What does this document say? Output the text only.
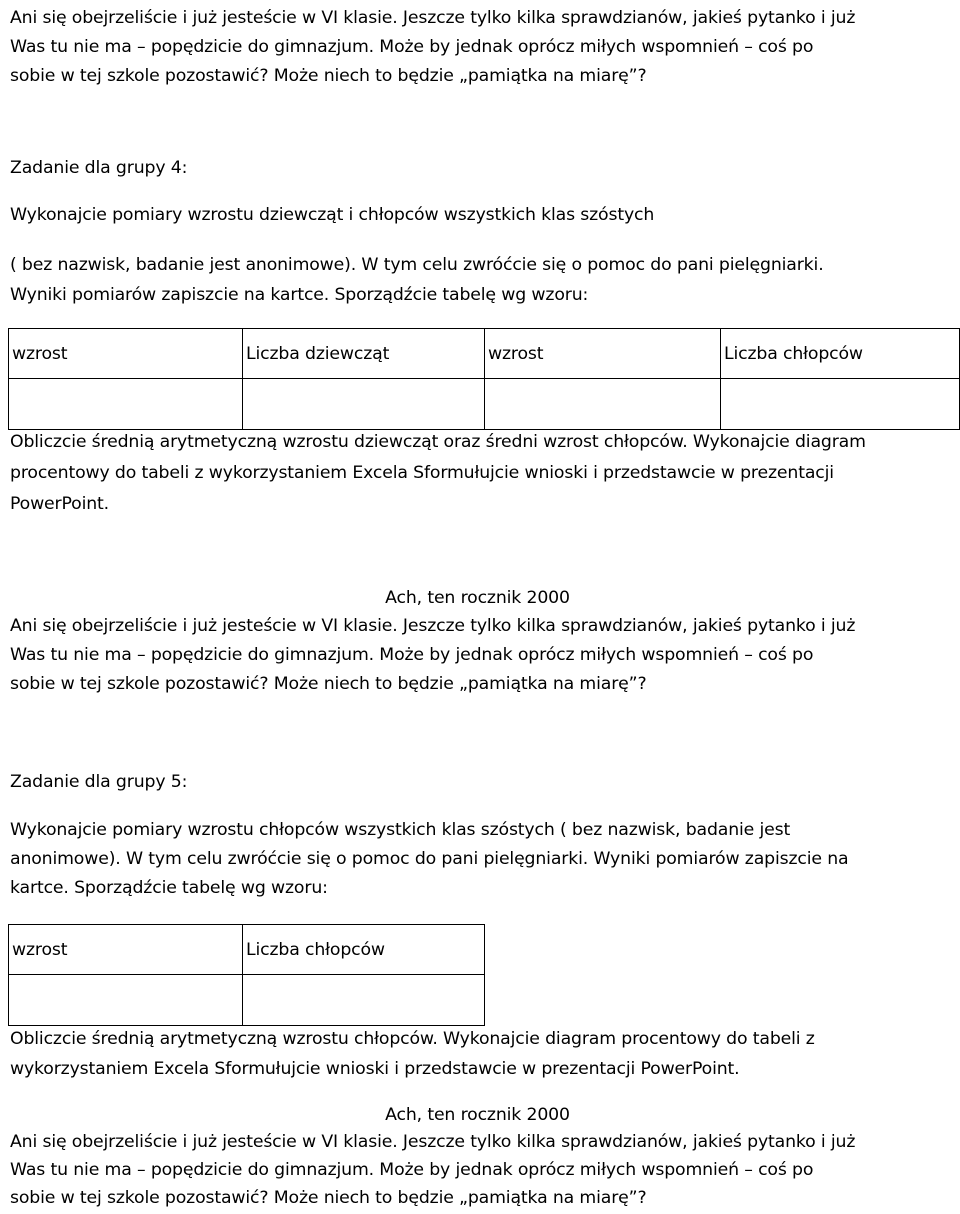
Ani się obejrzeliście i już jesteście w VI klasie. Jeszcze tylko kilka sprawdzianów, jakieś pytanko i już

Was tu nie ma – popędzicie do gimnazjum. Może by jednak oprócz miłych wspomnień – coś po

sobie w tej szkole pozostawić? Może niech to będzie „pamiątka na miarę”?

Zadanie dla grupy 4:

Wykonajcie pomiary wzrostu dziewcząt i chłopców wszystkich klas szóstych

( bez nazwisk, badanie jest anonimowe). W tym celu zwróćcie się o pomoc do pani pielęgniarki.

Wyniki pomiarów zapiszcie na kartce. Sporządźcie tabelę wg wzoru:

wzrost	Liczba dziewcząt	wzrost	Liczba chłopców

Obliczcie średnią arytmetyczną wzrostu dziewcząt oraz średni wzrost chłopców. Wykonajcie diagram

procentowy do tabeli z wykorzystaniem Excela Sformułujcie wnioski i przedstawcie w prezentacji

PowerPoint.

Ach, ten rocznik 2000

Ani się obejrzeliście i już jesteście w VI klasie. Jeszcze tylko kilka sprawdzianów, jakieś pytanko i już

Was tu nie ma – popędzicie do gimnazjum. Może by jednak oprócz miłych wspomnień – coś po

sobie w tej szkole pozostawić? Może niech to będzie „pamiątka na miarę”?

Zadanie dla grupy 5:

Wykonajcie pomiary wzrostu chłopców wszystkich klas szóstych ( bez nazwisk, badanie jest

anonimowe). W tym celu zwróćcie się o pomoc do pani pielęgniarki. Wyniki pomiarów zapiszcie na

kartce. Sporządźcie tabelę wg wzoru:

wzrost	Liczba chłopców

Obliczcie średnią arytmetyczną wzrostu chłopców. Wykonajcie diagram procentowy do tabeli z

wykorzystaniem Excela Sformułujcie wnioski i przedstawcie w prezentacji PowerPoint.

Ach, ten rocznik 2000

Ani się obejrzeliście i już jesteście w VI klasie. Jeszcze tylko kilka sprawdzianów, jakieś pytanko i już

Was tu nie ma – popędzicie do gimnazjum. Może by jednak oprócz miłych wspomnień – coś po

sobie w tej szkole pozostawić? Może niech to będzie „pamiątka na miarę”?
